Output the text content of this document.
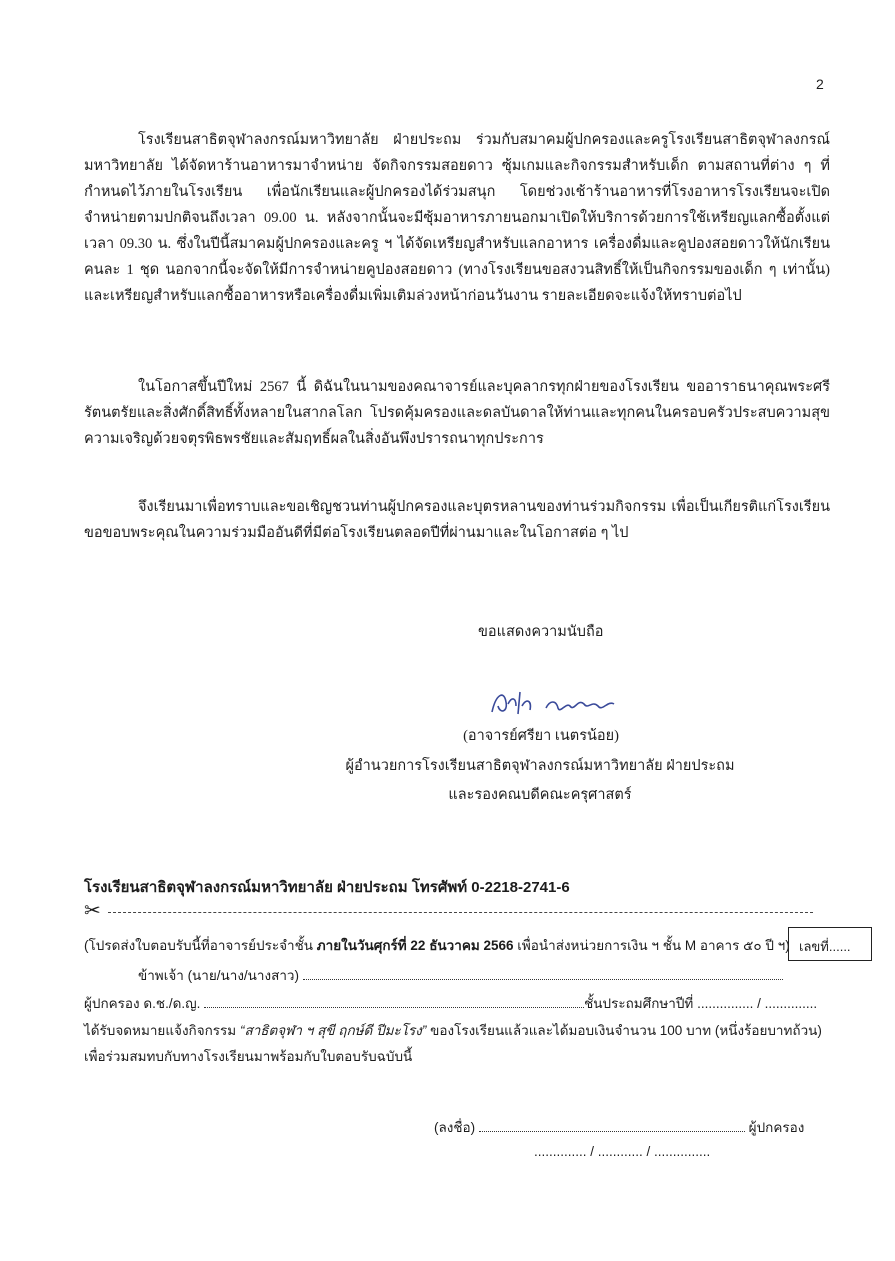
2
โรงเรียนสาธิตจุฬาลงกรณ์มหาวิทยาลัย ฝ่ายประถม ร่วมกับสมาคมผู้ปกครองและครูโรงเรียนสาธิตจุฬาลงกรณ์มหาวิทยาลัย ได้จัดหาร้านอาหารมาจำหน่าย จัดกิจกรรมสอยดาว ซุ้มเกมและกิจกรรมสำหรับเด็ก ตามสถานที่ต่าง ๆ ที่กำหนดไว้ภายในโรงเรียน เพื่อนักเรียนและผู้ปกครองได้ร่วมสนุก โดยช่วงเช้าร้านอาหารที่โรงอาหารโรงเรียนจะเปิดจำหน่ายตามปกติจนถึงเวลา 09.00 น. หลังจากนั้นจะมีซุ้มอาหารภายนอกมาเปิดให้บริการด้วยการใช้เหรียญแลกซื้อตั้งแต่เวลา 09.30 น. ซึ่งในปีนี้สมาคมผู้ปกครองและครู ฯ ได้จัดเหรียญสำหรับแลกอาหาร เครื่องดื่มและคูปองสอยดาวให้นักเรียนคนละ 1 ชุด นอกจากนี้จะจัดให้มีการจำหน่ายคูปองสอยดาว (ทางโรงเรียนขอสงวนสิทธิ์ให้เป็นกิจกรรมของเด็ก ๆ เท่านั้น) และเหรียญสำหรับแลกซื้ออาหารหรือเครื่องดื่มเพิ่มเติมล่วงหน้าก่อนวันงาน รายละเอียดจะแจ้งให้ทราบต่อไป
ในโอกาสขึ้นปีใหม่ 2567 นี้ ดิฉันในนามของคณาจารย์และบุคลากรทุกฝ่ายของโรงเรียน ขออาราธนาคุณพระศรีรัตนตรัยและสิ่งศักดิ์สิทธิ์ทั้งหลายในสากลโลก โปรดคุ้มครองและดลบันดาลให้ท่านและทุกคนในครอบครัวประสบความสุขความเจริญด้วยจตุรพิธพรชัยและสัมฤทธิ์ผลในสิ่งอันพึงปรารถนาทุกประการ
จึงเรียนมาเพื่อทราบและขอเชิญชวนท่านผู้ปกครองและบุตรหลานของท่านร่วมกิจกรรม เพื่อเป็นเกียรติแก่โรงเรียน ขอขอบพระคุณในความร่วมมืออันดีที่มีต่อโรงเรียนตลอดปีที่ผ่านมาและในโอกาสต่อ ๆ ไป
ขอแสดงความนับถือ
(อาจารย์ศรียา เนตรน้อย)
ผู้อำนวยการโรงเรียนสาธิตจุฬาลงกรณ์มหาวิทยาลัย ฝ่ายประถม
และรองคณบดีคณะครุศาสตร์
โรงเรียนสาธิตจุฬาลงกรณ์มหาวิทยาลัย ฝ่ายประถม โทรศัพท์ 0-2218-2741-6
✂
(โปรดส่งใบตอบรับนี้ที่อาจารย์ประจำชั้น ภายในวันศุกร์ที่ 22 ธันวาคม 2566 เพื่อนำส่งหน่วยการเงิน ฯ ชั้น M อาคาร ๕๐ ปี ฯ) เลขที่......
ข้าพเจ้า (นาย/นาง/นางสาว)
ผู้ปกครอง ด.ช./ด.ญ.	ชั้นประถมศึกษาปีที่ ............... / ..............
ได้รับจดหมายแจ้งกิจกรรม “สาธิตจุฬา ฯ สุขี ฤกษ์ดี ปีมะโรง” ของโรงเรียนแล้วและได้มอบเงินจำนวน 100 บาท (หนึ่งร้อยบาทถ้วน) เพื่อร่วมสมทบกับทางโรงเรียนมาพร้อมกับใบตอบรับฉบับนี้
(ลงชื่อ)	ผู้ปกครอง
.............. / ............ / ...............
